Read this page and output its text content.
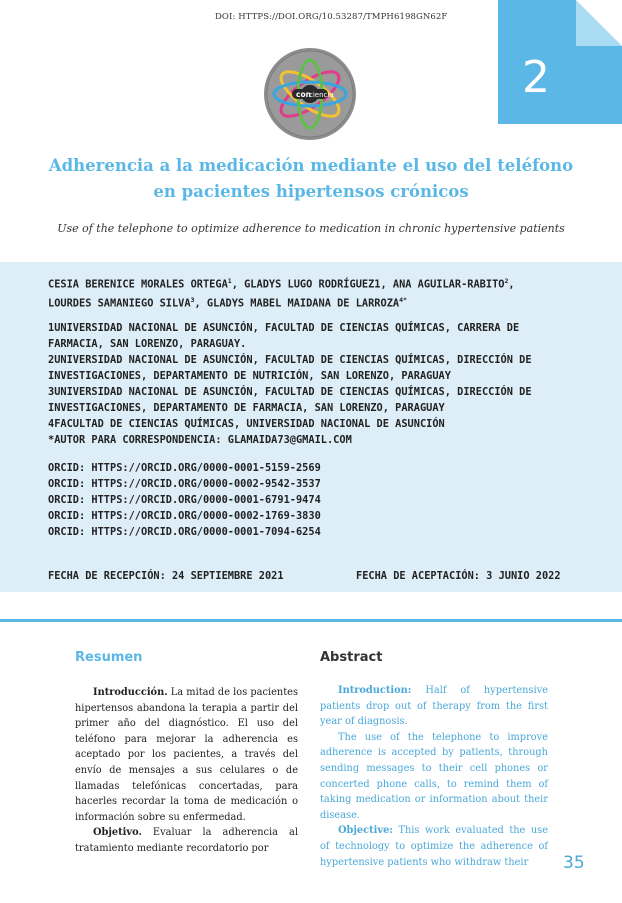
DOI: HTTPS://DOI.ORG/10.53287/TMPH6198GN62F
2
con
ciencia
Adherencia a la medicación mediante el uso del teléfono en pacientes hipertensos crónicos
Use of the telephone to optimize adherence to medication in chronic hypertensive patients
CESIA BERENICE MORALES ORTEGA$^1$, GLADYS LUGO RODRÍGUEZ1, ANA AGUILAR-RABITO$^2$,
LOURDES SAMANIEGO SILVA$^3$, GLADYS MABEL MAIDANA DE $LARROZA^{4*}$
1UNIVERSIDAD NACIONAL DE ASUNCIÓN, FACULTAD DE CIENCIAS QUÍMICAS, CARRERA DE
FARMACIA, SAN LORENZO, PARAGUAY.
2UNIVERSIDAD NACIONAL DE ASUNCIÓN, FACULTAD DE CIENCIAS QUÍMICAS, DIRECCIÓN DE
INVESTIGACIONES, DEPARTAMENTO DE NUTRICIÓN, SAN LORENZO, PARAGUAY
3UNIVERSIDAD NACIONAL DE ASUNCIÓN, FACULTAD DE CIENCIAS QUÍMICAS, DIRECCIÓN DE
INVESTIGACIONES, DEPARTAMENTO DE FARMACIA, SAN LORENZO, PARAGUAY
4FACULTAD DE CIENCIAS QUÍMICAS, UNIVERSIDAD NACIONAL DE ASUNCIÓN
*AUTOR PARA CORRESPONDENCIA: GLAMAIDA73@GMAIL.COM
ORCID: HTTPS://ORCID.ORG/0000-0001-5159-2569
ORCID: HTTPS://ORCID.ORG/0000-0002-9542-3537
ORCID: HTTPS://ORCID.ORG/0000-0001-6791-9474
ORCID: HTTPS://ORCID.ORG/0000-0002-1769-3830
ORCID: HTTPS://ORCID.ORG/0000-0001-7094-6254
FECHA DE RECEPCIÓN: 24 SEPTIEMBRE 2021	FECHA DE ACEPTACIÓN: 3 JUNIO 2022
Resumen	Abstract

Introducción. La mitad de los pacientes hipertensos abandona la terapia a partir del primer año del diagnóstico. El uso del teléfono para mejorar la adherencia es aceptado por los pacientes, a través del envío de mensajes a sus celulares o de llamadas telefónicas concertadas, para hacerles recordar la toma de medicación o información sobre su enfermedad.

Objetivo. Evaluar la adherencia al tratamiento mediante recordatorio por

Introduction: Half of hypertensive patients drop out of therapy from the first year of diagnosis.

The use of the telephone to improve adherence is accepted by patients, through sending messages to their cell phones or concerted phone calls, to remind them of taking medication or information about their disease.

Objective: This work evaluated the use of technology to optimize the adherence of hypertensive patients who withdraw their	35
